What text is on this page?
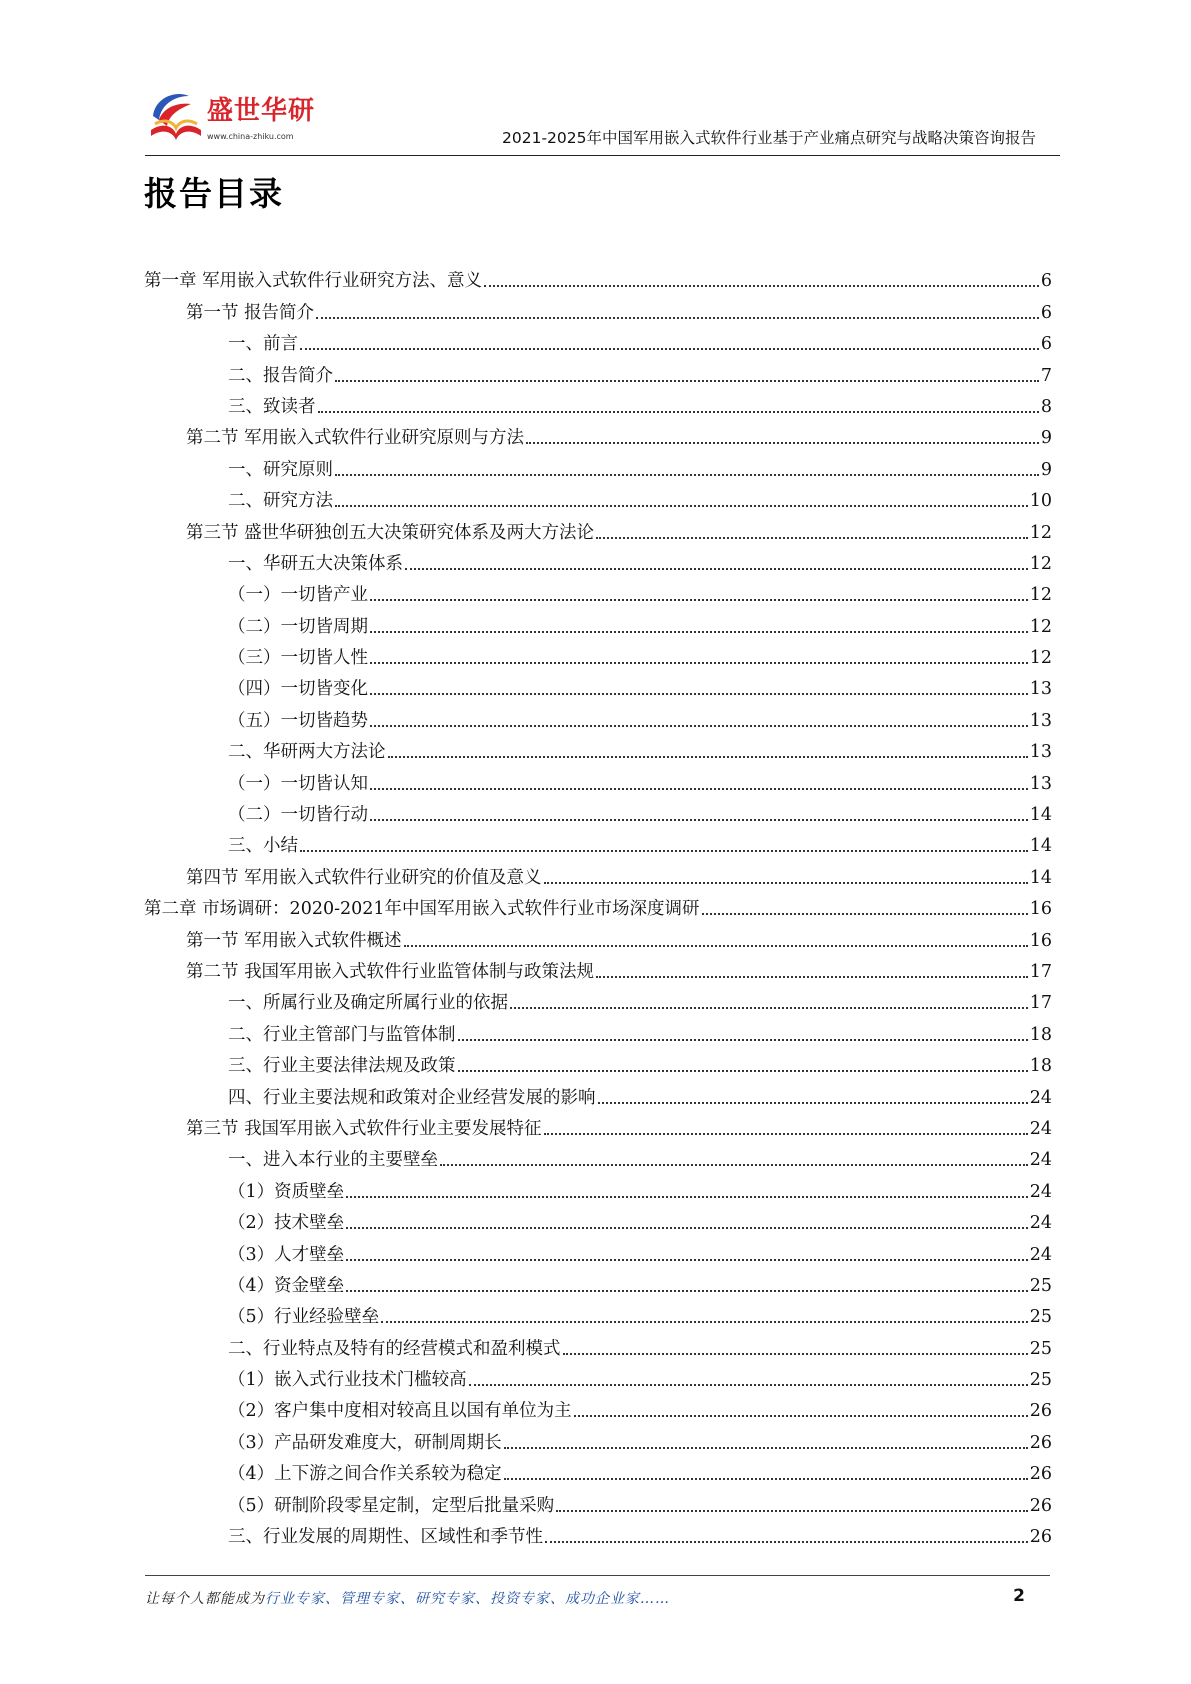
盛世华研
www.china-zhiku.com	2021-2025年中国军用嵌入式软件行业基于产业痛点研究与战略决策咨询报告
报告目录
第一章 军用嵌入式软件行业研究方法、意义	6
第一节 报告简介	6
一、前言	6
二、报告简介	7
三、致读者	8
第二节 军用嵌入式软件行业研究原则与方法	9
一、研究原则	9
二、研究方法	10
第三节 盛世华研独创五大决策研究体系及两大方法论	12
一、华研五大决策体系	12
（一）一切皆产业	12
（二）一切皆周期	12
（三）一切皆人性	12
（四）一切皆变化	13
（五）一切皆趋势	13
二、华研两大方法论	13
（一）一切皆认知	13
（二）一切皆行动	14
三、小结	14
第四节 军用嵌入式软件行业研究的价值及意义	14
第二章 市场调研：2020-2021年中国军用嵌入式软件行业市场深度调研	16
第一节 军用嵌入式软件概述	16
第二节 我国军用嵌入式软件行业监管体制与政策法规	17
一、所属行业及确定所属行业的依据	17
二、行业主管部门与监管体制	18
三、行业主要法律法规及政策	18
四、行业主要法规和政策对企业经营发展的影响	24
第三节 我国军用嵌入式软件行业主要发展特征	24
一、进入本行业的主要壁垒	24
（1）资质壁垒	24
（2）技术壁垒	24
（3）人才壁垒	24
（4）资金壁垒	25
（5）行业经验壁垒	25
二、行业特点及特有的经营模式和盈利模式	25
（1）嵌入式行业技术门槛较高	25
（2）客户集中度相对较高且以国有单位为主	26
（3）产品研发难度大，研制周期长	26
（4）上下游之间合作关系较为稳定	26
（5）研制阶段零星定制，定型后批量采购	26
三、行业发展的周期性、区域性和季节性	26
让每个人都能成为行业专家、管理专家、研究专家、投资专家、成功企业家……	2
